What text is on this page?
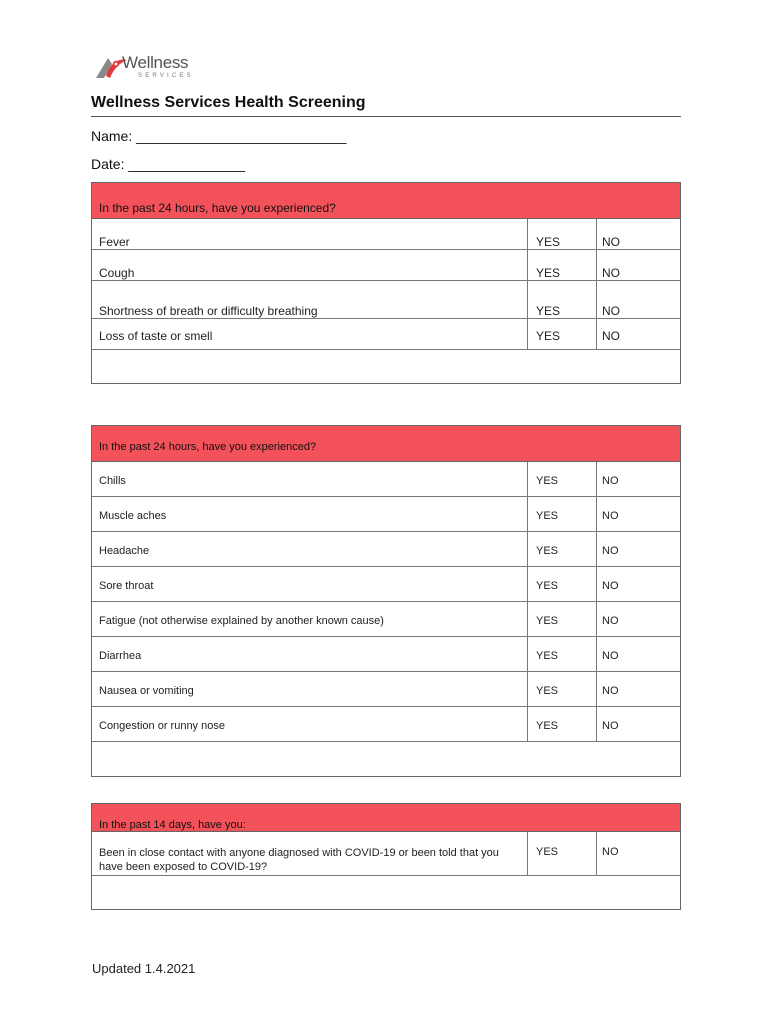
Wellness
SERVICES
Wellness Services Health Screening
Name: ___________________________
Date: _______________
In the past 24 hours, have you experienced?
Fever	YES	NO
Cough	YES	NO
Shortness of breath or difficulty breathing	YES	NO
Loss of taste or smell	YES	NO
In the past 24 hours, have you experienced?
Chills	YES	NO
Muscle aches	YES	NO
Headache	YES	NO
Sore throat	YES	NO
Fatigue (not otherwise explained by another known cause)	YES	NO
Diarrhea	YES	NO
Nausea or vomiting	YES	NO
Congestion or runny nose	YES	NO
In the past 14 days, have you:
Been in close contact with anyone diagnosed with COVID-19 or been told that you have been exposed to COVID-19?
YES	NO
Updated 1.4.2021
